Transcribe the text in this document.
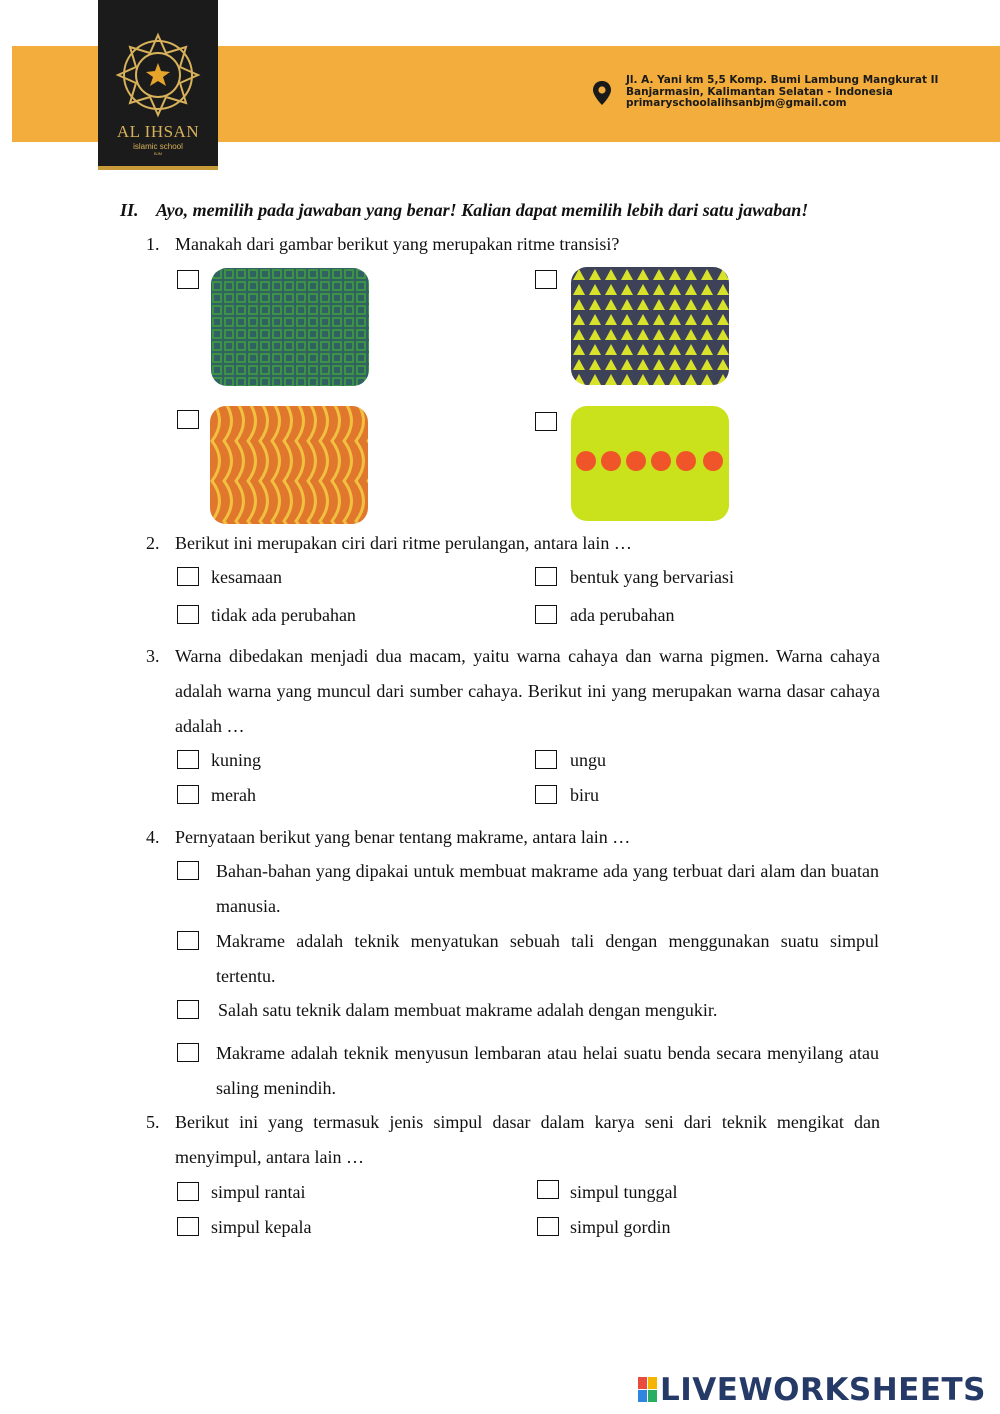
AL IHSAN
islamic school
BJM
Jl. A. Yani km 5,5 Komp. Bumi Lambung Mangkurat II
Banjarmasin, Kalimantan Selatan - Indonesia
primaryschoolalihsanbjm@gmail.com
II. Ayo, memilih pada jawaban yang benar! Kalian dapat memilih lebih dari satu jawaban!
1. Manakah dari gambar berikut yang merupakan ritme transisi?
2. Berikut ini merupakan ciri dari ritme perulangan, antara lain …
kesamaan	bentuk yang bervariasi
tidak ada perubahan	ada perubahan
3. Warna dibedakan menjadi dua macam, yaitu warna cahaya dan warna pigmen. Warna cahaya adalah warna yang muncul dari sumber cahaya. Berikut ini yang merupakan warna dasar cahaya adalah …
kuning	ungu
merah	biru
4. Pernyataan berikut yang benar tentang makrame, antara lain …
Bahan-bahan yang dipakai untuk membuat makrame ada yang terbuat dari alam dan buatan manusia.
Makrame adalah teknik menyatukan sebuah tali dengan menggunakan suatu simpul tertentu.
Salah satu teknik dalam membuat makrame adalah dengan mengukir.
Makrame adalah teknik menyusun lembaran atau helai suatu benda secara menyilang atau saling menindih.
5. Berikut ini yang termasuk jenis simpul dasar dalam karya seni dari teknik mengikat dan menyimpul, antara lain …
simpul rantai	simpul tunggal
simpul kepala	simpul gordin
LIVEWORKSHEETS
